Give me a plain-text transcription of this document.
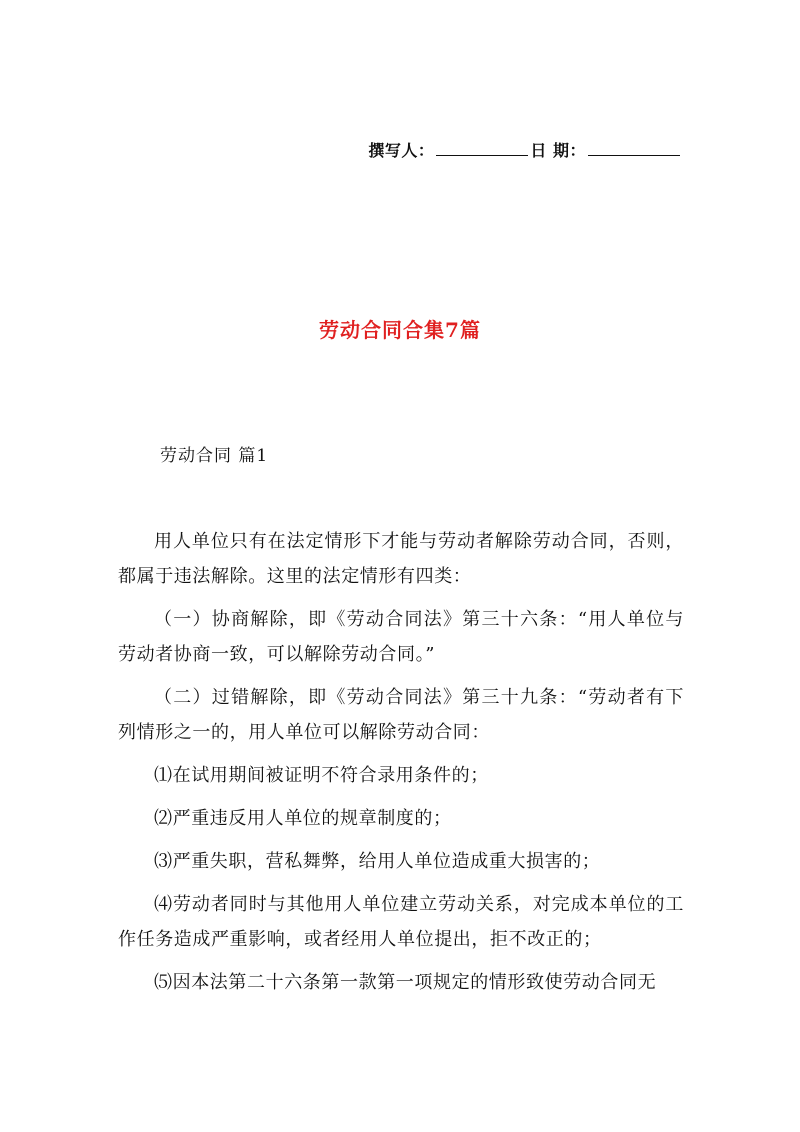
撰写人：	日 期：
劳动合同合集7篇
劳动合同 篇1

用人单位只有在法定情形下才能与劳动者解除劳动合同，否则，都属于违法解除。这里的法定情形有四类：

（一）协商解除，即《劳动合同法》第三十六条：“用人单位与劳动者协商一致，可以解除劳动合同。”

（二）过错解除，即《劳动合同法》第三十九条：“劳动者有下列情形之一的，用人单位可以解除劳动合同：

⑴在试用期间被证明不符合录用条件的；

⑵严重违反用人单位的规章制度的；

⑶严重失职，营私舞弊，给用人单位造成重大损害的；

⑷劳动者同时与其他用人单位建立劳动关系，对完成本单位的工作任务造成严重影响，或者经用人单位提出，拒不改正的；

⑸因本法第二十六条第一款第一项规定的情形致使劳动合同无
